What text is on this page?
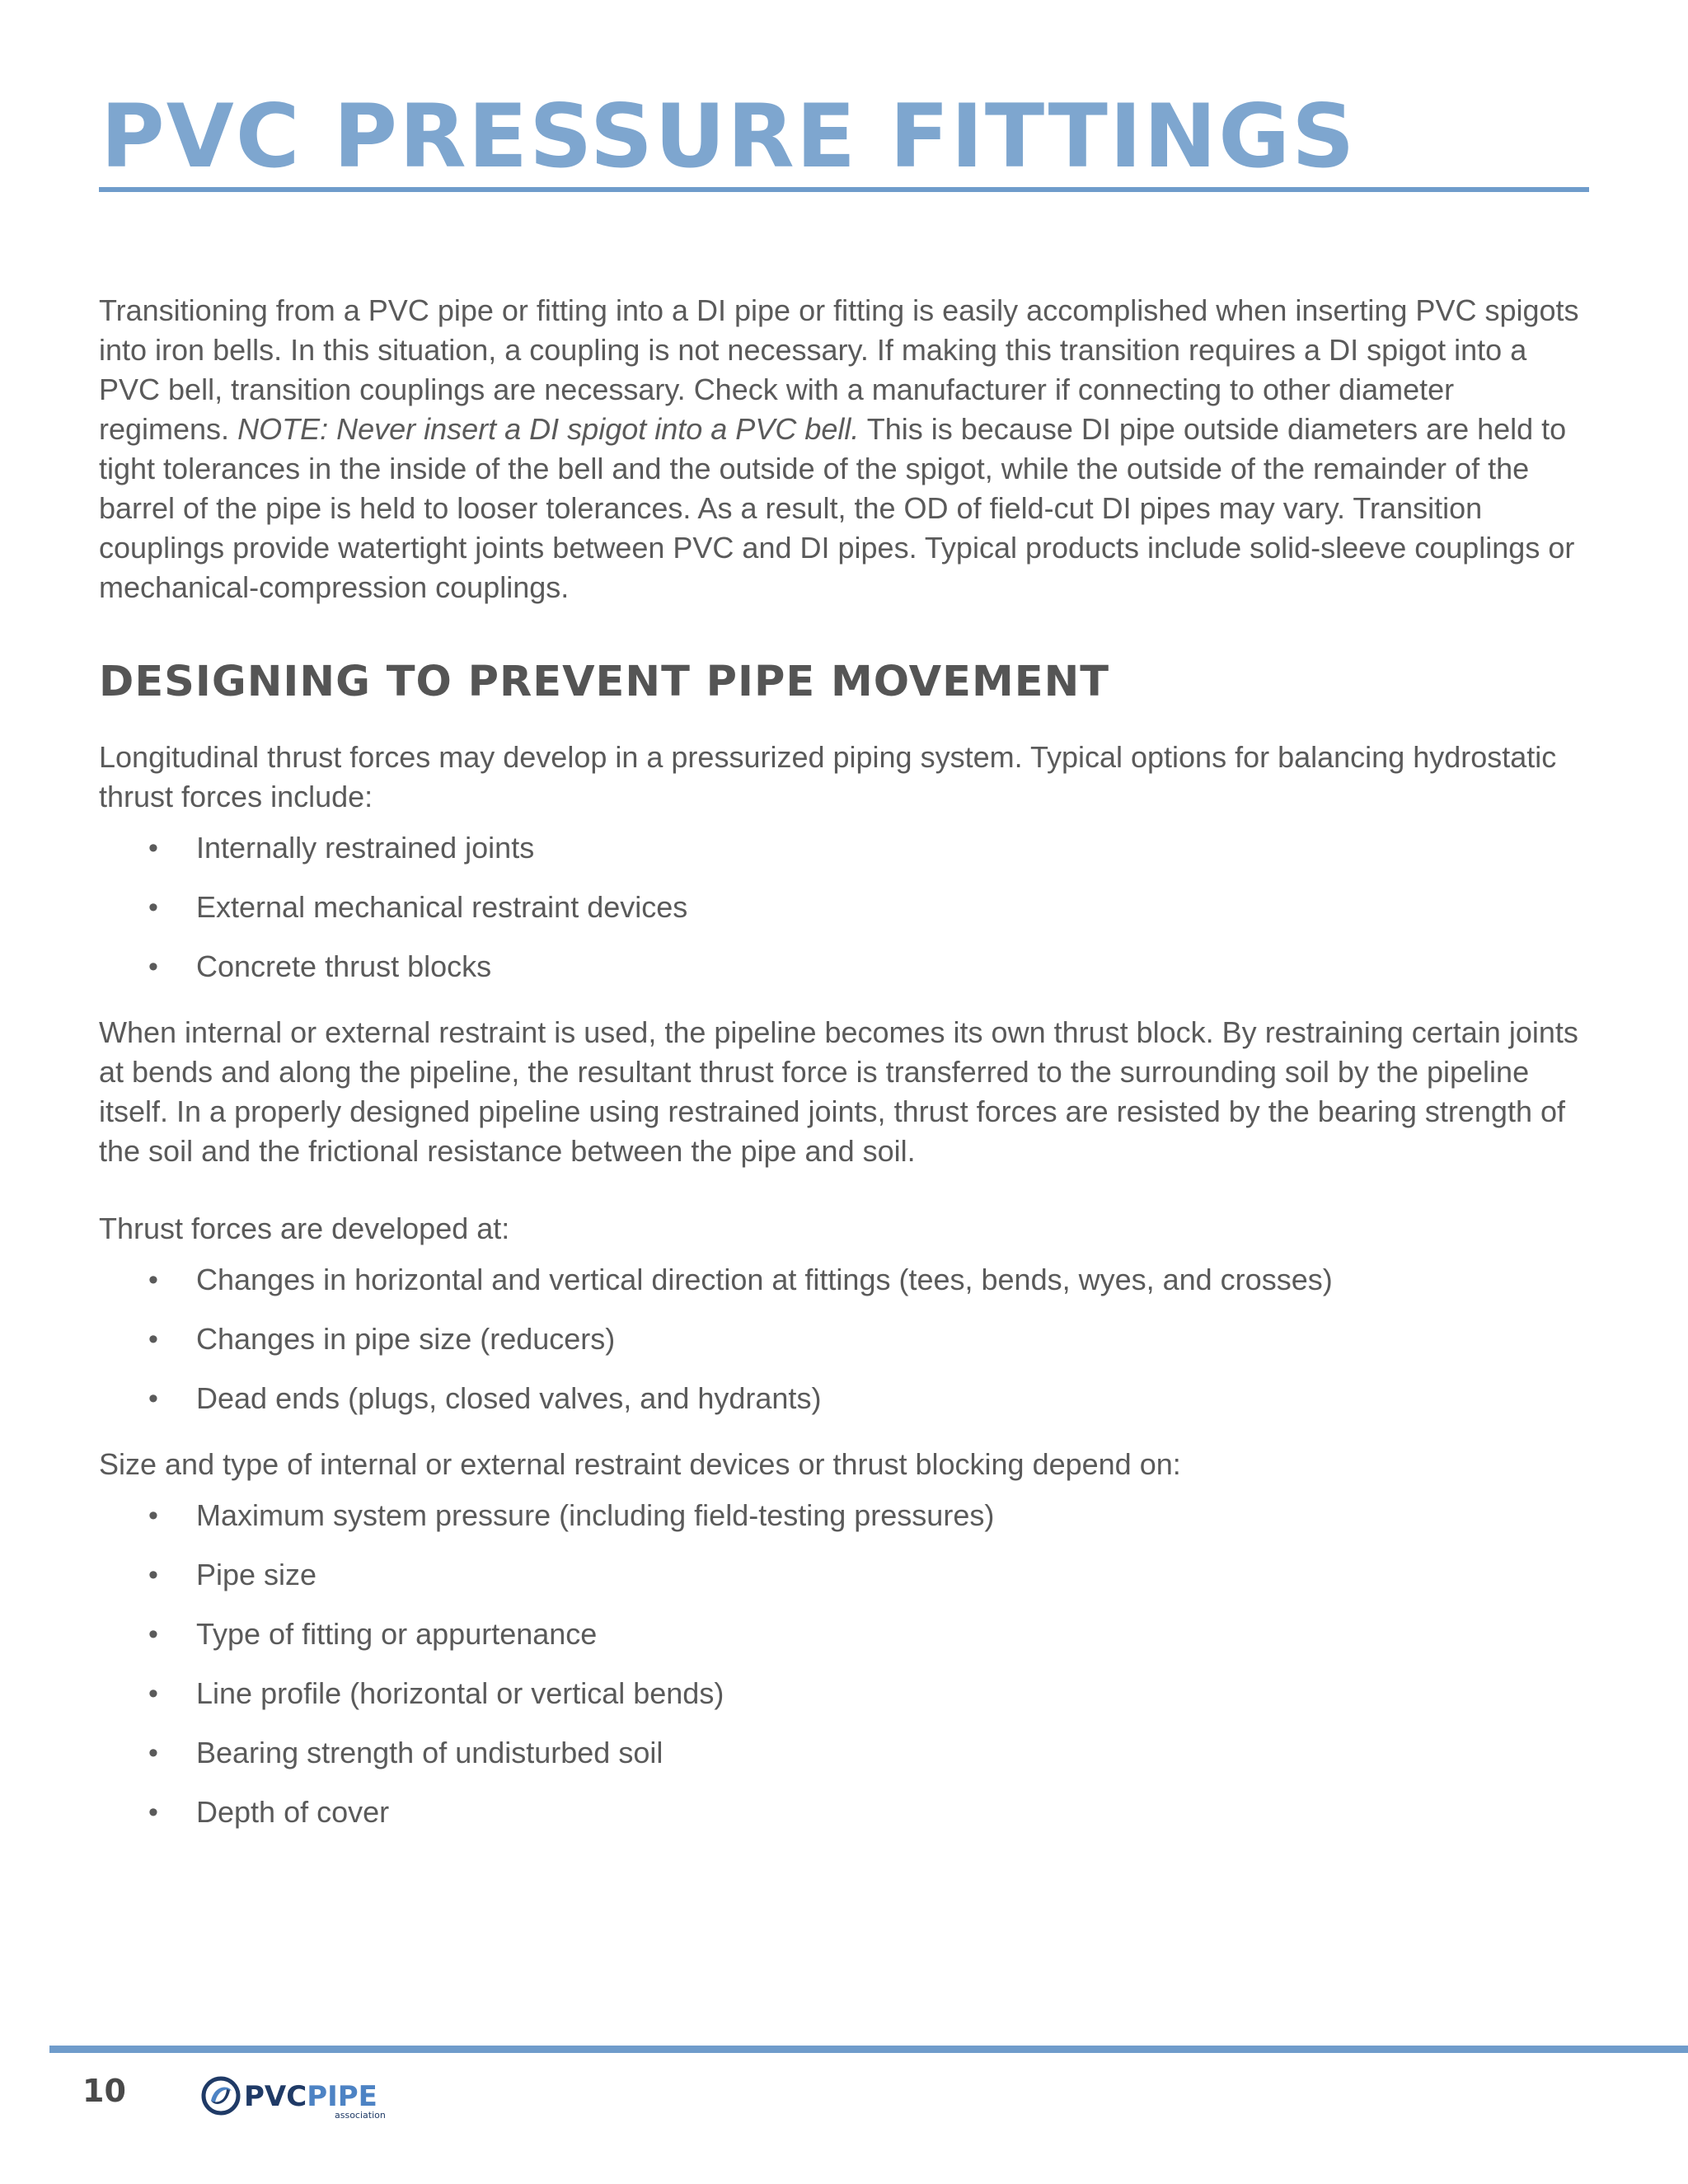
PVC PRESSURE FITTINGS

Transitioning from a PVC pipe or fitting into a DI pipe or fitting is easily accomplished when inserting PVC spigots into iron bells. In this situation, a coupling is not necessary. If making this transition requires a DI spigot into a PVC bell, transition couplings are necessary. Check with a manufacturer if connecting to other diameter regimens. NOTE: Never insert a DI spigot into a PVC bell. This is because DI pipe outside diameters are held to tight tolerances in the inside of the bell and the outside of the spigot, while the outside of the remainder of the barrel of the pipe is held to looser tolerances. As a result, the OD of field-cut DI pipes may vary. Transition couplings provide watertight joints between PVC and DI pipes. Typical products include solid-sleeve couplings or mechanical-compression couplings.

DESIGNING TO PREVENT PIPE MOVEMENT

Longitudinal thrust forces may develop in a pressurized piping system. Typical options for balancing hydrostatic thrust forces include:

• Internally restrained joints
• External mechanical restraint devices
• Concrete thrust blocks

When internal or external restraint is used, the pipeline becomes its own thrust block. By restraining certain joints at bends and along the pipeline, the resultant thrust force is transferred to the surrounding soil by the pipeline itself. In a properly designed pipeline using restrained joints, thrust forces are resisted by the bearing strength of the soil and the frictional resistance between the pipe and soil.

Thrust forces are developed at:

• Changes in horizontal and vertical direction at fittings (tees, bends, wyes, and crosses)
• Changes in pipe size (reducers)
• Dead ends (plugs, closed valves, and hydrants)

Size and type of internal or external restraint devices or thrust blocking depend on:

• Maximum system pressure (including field-testing pressures)
• Pipe size
• Type of fitting or appurtenance
• Line profile (horizontal or vertical bends)
• Bearing strength of undisturbed soil
• Depth of cover
10	PVCPIPE
association
